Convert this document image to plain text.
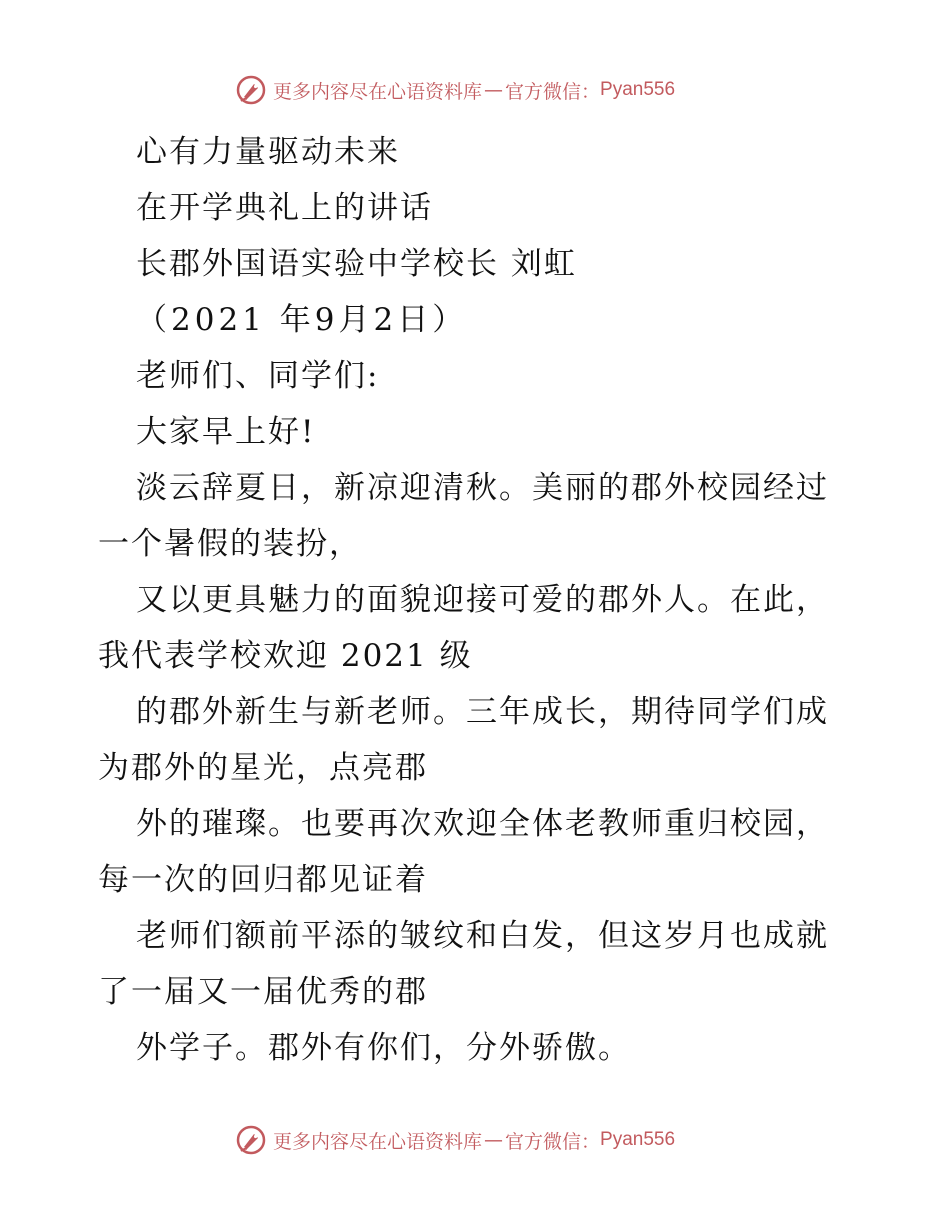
更多内容尽在心语资料库 — 官方微信： Pyan556
心有力量驱动未来
在开学典礼上的讲话
长郡外国语实验中学校长 刘虹
（2021 年9月2日）
老师们、同学们:
大家早上好!
淡云辞夏日，新凉迎清秋。美丽的郡外校园经过
一个暑假的装扮，
又以更具魅力的面貌迎接可爱的郡外人。在此，
我代表学校欢迎 2021 级
的郡外新生与新老师。三年成长，期待同学们成
为郡外的星光，点亮郡
外的璀璨。也要再次欢迎全体老教师重归校园，
每一次的回归都见证着
老师们额前平添的皱纹和白发，但这岁月也成就
了一届又一届优秀的郡
外学子。郡外有你们，分外骄傲。
更多内容尽在心语资料库 — 官方微信： Pyan556
